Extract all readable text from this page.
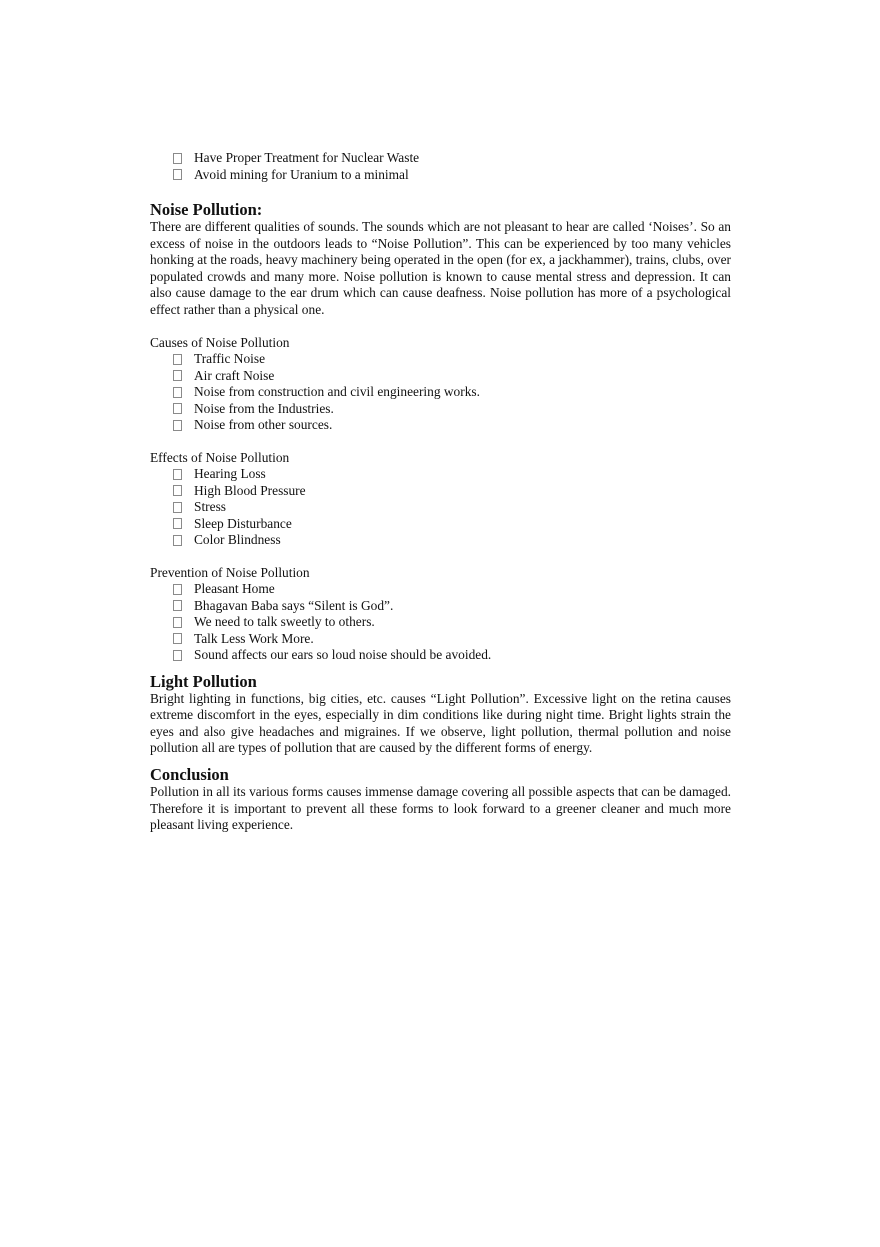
Have Proper Treatment for Nuclear Waste
Avoid mining for Uranium to a minimal
Noise Pollution:

There are different qualities of sounds. The sounds which are not pleasant to hear are called ‘Noises’. So an excess of noise in the outdoors leads to “Noise Pollution”. This can be experienced by too many vehicles honking at the roads, heavy machinery being operated in the open (for ex, a jackhammer), trains, clubs, over populated crowds and many more. Noise pollution is known to cause mental stress and depression. It can also cause damage to the ear drum which can cause deafness. Noise pollution has more of a psychological effect rather than a physical one.

Causes of Noise Pollution

Traffic Noise
Air craft Noise
Noise from construction and civil engineering works.
Noise from the Industries.
Noise from other sources.

Effects of Noise Pollution

Hearing Loss
High Blood Pressure
Stress
Sleep Disturbance
Color Blindness

Prevention of Noise Pollution

Pleasant Home
Bhagavan Baba says “Silent is God”.
We need to talk sweetly to others.
Talk Less Work More.
Sound affects our ears so loud noise should be avoided.
Light Pollution

Bright lighting in functions, big cities, etc. causes “Light Pollution”. Excessive light on the retina causes extreme discomfort in the eyes, especially in dim conditions like during night time. Bright lights strain the eyes and also give headaches and migraines. If we observe, light pollution, thermal pollution and noise pollution all are types of pollution that are caused by the different forms of energy.

Conclusion

Pollution in all its various forms causes immense damage covering all possible aspects that can be damaged. Therefore it is important to prevent all these forms to look forward to a greener cleaner and much more pleasant living experience.
